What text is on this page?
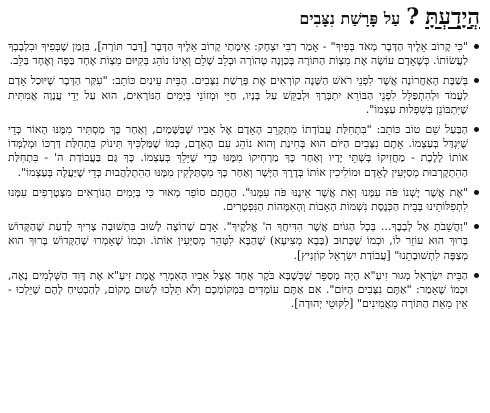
הֲיָדַעְתָּ
?
עַל פָּרָשַׁת נִצָּבִים
"כִּי קָרוֹב אֵלֶיךָ הַדָּבָר מְאֹד בְּפִיךָ" - אָמַר רַבִּי יִצְחָק: אֵימָתַי קָרוֹב אֵלֶיךָ הַדָּבָר [דְּבַר תּוֹרָה], בִּזְמַן שֶׁבְּפִיךָ וּבִלְבָבְךָ לַעֲשׂוֹתוֹ. כְּשֶׁאָדָם עוֹשֶׂה אֶת מִצְוֹת הַתּוֹרָה בְּכַוָּנָה טְהוֹרָה וּבְלֵב שָׁלֵם וְאֵינוֹ נוֹהֵג בְּקִיּוּם מִצְוֹת אֶחָד בַּפֶּה וְאֶחָד בַּלֵּב.
בְּשַׁבָּת הָאַחֲרוֹנָה אֲשֶׁר לִפְנֵי רֹאשׁ הַשָּׁנָה קוֹרְאִים אֶת פָּרָשַׁת נִצָּבִים. הַבֵּית עֵינַיִם כּוֹתֵב: "עִקַּר הַדָּבָר שֶׁיּוּכַל אָדָם לַעֲמֹד וּלְהִתְפַּלֵּל לִפְנֵי הַבּוֹרֵא יִתְבָּרַךְ וּלְבַקֵּשׁ עַל בָּנָיו, חַיֵּי וּמְזוֹנֵי בְּיָמִים הַנּוֹרָאִים, הוּא עַל יְדֵי עֲנָוָה אֲמִתִּית שֶׁיִּתְבּוֹנֵן בְּשִׁפְלוּת עַצְמוֹ".
הַבַּעַל שֵׁם טוֹב כּוֹתֵב: "בִּתְחִלַּת עֲבוֹדָתוֹ מִתְקָרֵב הָאָדָם אֶל אָבִיו שֶׁבַּשָּׁמַיִם, וְאַחַר כָּךְ מַסְתִּיר מִמֶּנּוּ הָאוֹר כְּדֵי שֶׁיִּגְדַּל בְּעַצְמוֹ. אָתֶם נִצָּבִים הַיּוֹם הוּא בְּחִינַת וְהוּא נוֹהֵג עִם הָאָדָם, כְּמוֹ שֶׁמַּלְכִּיךָ תִּינוֹק בִּתְחִלַּת דַּרְכּוֹ וּמְלַמְּדוֹ אוֹתוֹ לָלֶכֶת - מַחֲזִיקוֹ בְּשְׁתֵּי יָדָיו וְאַחַר כָּךְ מַרְחִיקוֹ מִמֶּנּוּ כְּדֵי שֶׁיֵּלֵךְ בְּעַצְמוֹ. כָּךְ גַּם בַּעֲבוֹדַת ה' - בִּתְחִלַּת הַהִתְקָרְבוּת מְסַיְּעִין לָאָדָם וּמוֹלִיכִין אוֹתוֹ בְּדֶרֶךְ הַיָּשָׁר וְאַחַר כָּךְ מִסְתַּלְּקִין מִמֶּנּוּ הַהִתְלַהֲבוּת כְּדֵי שֶׁיַּעֲלֶה בְּעַצְמוֹ".
"אֶת אֲשֶׁר יֶשְׁנוֹ פֹּה עִמָּנוּ וְאֵת אֲשֶׁר אֵינֶנּוּ פֹּה עִמָּנוּ". הַחֲתָם סוֹפֵר מְאוּר כִּי בְּיָמִים הַנּוֹרָאִים מִצְטָרְפִים עִמָּנוּ לִתְפִלּוֹתֵינוּ בְּבֵית הַכְּנֶסֶת נִשְׁמוֹת הָאָבוֹת וְהָאִמָּהוֹת הַנִּפְטָרִים.
"וַהֲשֵׁבֹתָ אֶל לְבָבֶךָ... בְּכָל הַגּוֹיִם אֲשֶׁר הִדִּיחֲךָ ה' אֱלֹקֶיךָ". אָדָם שֶׁרוֹצֶה לָשׁוּב בִּתְשׁוּבָה צָרִיךְ לָדַעַת שֶׁהַקָּדוֹשׁ בָּרוּךְ הוּא עוֹזֵר לוֹ, וּכְמוֹ שֶׁכָּתוּב (בָּבָא מְצִיעָא) שֶׁהַבָּא לִטָּהֵר מְסַיְּעִין אוֹתוֹ. וּכְמוֹ שֶׁאָמְרוּ שֶׁהַקָּדוֹשׁ בָּרוּךְ הוּא מְצַפֶּה לִתְשׁוּבָתֵנוּ" [עֲבוֹדַת יִשְׂרָאֵל קוֹזְנִיץ].
הַבֵּית יִשְׂרָאֵל מְגוּר זִיעָ"א הָיָה מְסַפֵּר שֶׁכְּשֶׁבָּא בֹּקֶר אֶחָד אֶצֶל אָבִיו הָאִמְרֵי אֱמֶת זִיעָ"א אֶת דָּוִד הַשְּׁלָמִים נָאֶה, וּכְמוֹ שֶׁאָמַר: "אַתֶּם נִצָּבִים הַיּוֹם". אִם אַתֶּם עוֹמְדִים בִּמְקוֹמְכֶם וְלֹא תֵּלְכוּ לְשׁוּם מָקוֹם, לְהַבְטִיחַ לָהֶם שֶׁיֵּלְכוּ - אֵין מֵאֵת הַתּוֹרָה מֵאֲמִינִים" [לִקּוּטֵי יְהוּדָה].
